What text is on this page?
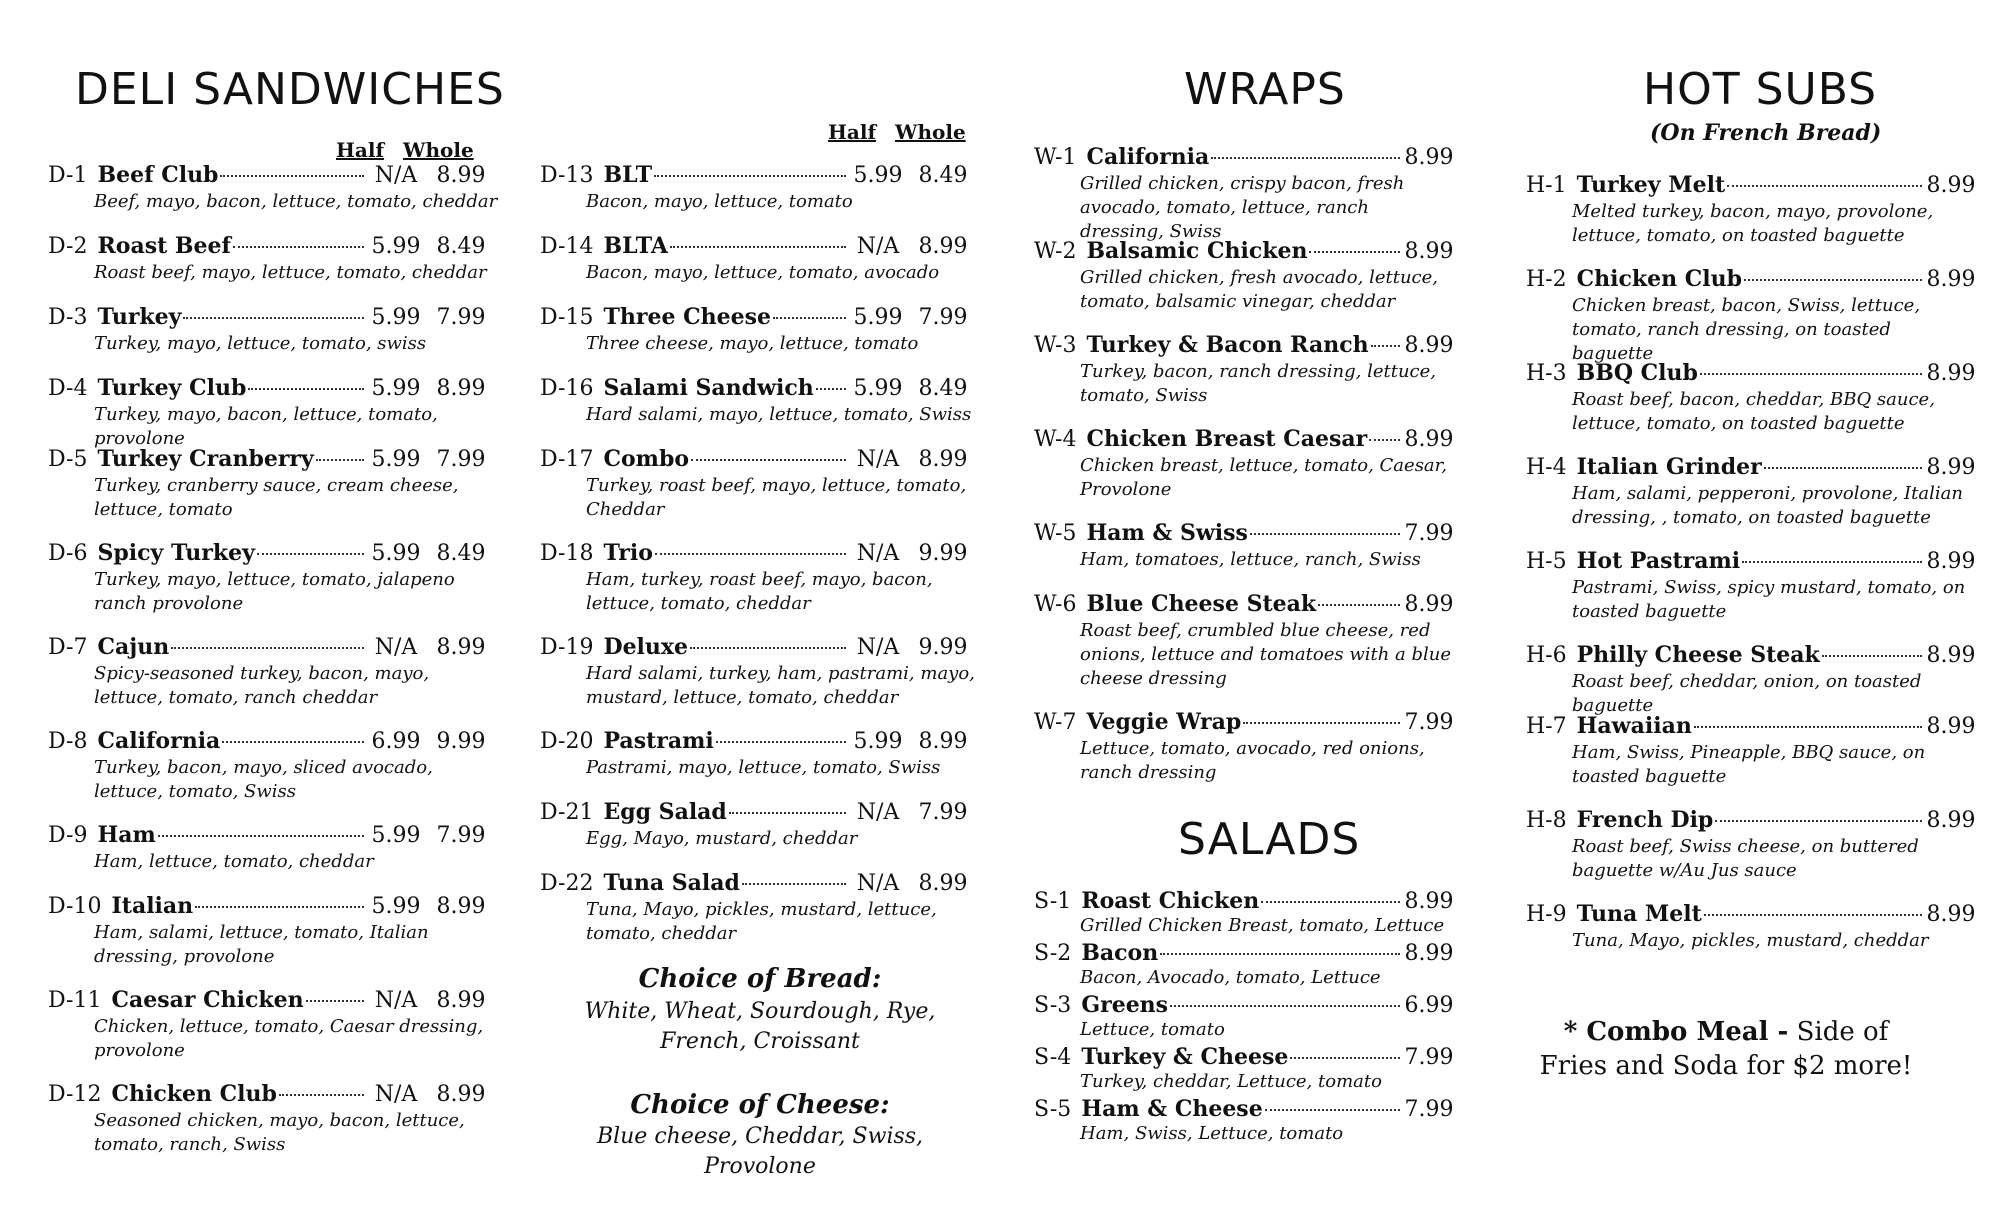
DELI SANDWICHES
Half Whole
D-1 Beef Club	N/A 8.99
Beef, mayo, bacon, lettuce, tomato, cheddar
D-2 Roast Beef	5.99 8.49
Roast beef, mayo, lettuce, tomato, cheddar
D-3 Turkey	5.99 7.99
Turkey, mayo, lettuce, tomato, swiss
D-4 Turkey Club	5.99 8.99
Turkey, mayo, bacon, lettuce, tomato, provolone
D-5 Turkey Cranberry	5.99 7.99
Turkey, cranberry sauce, cream cheese, lettuce, tomato
D-6 Spicy Turkey	5.99 8.49
Turkey, mayo, lettuce, tomato, jalapeno ranch provolone
D-7 Cajun	N/A 8.99
Spicy-seasoned turkey, bacon, mayo, lettuce, tomato, ranch cheddar
D-8 California	6.99 9.99
Turkey, bacon, mayo, sliced avocado, lettuce, tomato, Swiss
D-9 Ham	5.99 7.99
Ham, lettuce, tomato, cheddar
D-10 Italian	5.99 8.99
Ham, salami, lettuce, tomato, Italian dressing, provolone
D-11 Caesar Chicken	N/A 8.99
Chicken, lettuce, tomato, Caesar dressing, provolone
D-12 Chicken Club	N/A 8.99
Seasoned chicken, mayo, bacon, lettuce, tomato, ranch, Swiss
Half Whole
D-13 BLT	5.99 8.49
Bacon, mayo, lettuce, tomato
D-14 BLTA	N/A 8.99
Bacon, mayo, lettuce, tomato, avocado
D-15 Three Cheese	5.99 7.99
Three cheese, mayo, lettuce, tomato
D-16 Salami Sandwich 5.99 8.49
Hard salami, mayo, lettuce, tomato, Swiss
D-17 Combo	N/A 8.99
Turkey, roast beef, mayo, lettuce, tomato, Cheddar
D-18 Trio	N/A 9.99
Ham, turkey, roast beef, mayo, bacon, lettuce, tomato, cheddar
D-19 Deluxe	N/A 9.99
Hard salami, turkey, ham, pastrami, mayo, mustard, lettuce, tomato, cheddar
D-20 Pastrami	5.99 8.99
Pastrami, mayo, lettuce, tomato, Swiss
D-21 Egg Salad	N/A 7.99
Egg, Mayo, mustard, cheddar
D-22 Tuna Salad	N/A 8.99
Tuna, Mayo, pickles, mustard, lettuce, tomato, cheddar
Choice of Bread:
White, Wheat, Sourdough, Rye, French, Croissant
Choice of Cheese:
Blue cheese, Cheddar, Swiss, Provolone
WRAPS
W-1 California	8.99
Grilled chicken, crispy bacon, fresh avocado, tomato, lettuce, ranch dressing, Swiss
W-2 Balsamic Chicken	8.99
Grilled chicken, fresh avocado, lettuce, tomato, balsamic vinegar, cheddar
W-3 Turkey & Bacon Ranch 8.99
Turkey, bacon, ranch dressing, lettuce, tomato, Swiss
W-4 Chicken Breast Caesar 8.99
Chicken breast, lettuce, tomato, Caesar, Provolone
W-5 Ham & Swiss	7.99
Ham, tomatoes, lettuce, ranch, Swiss
W-6 Blue Cheese Steak	8.99
Roast beef, crumbled blue cheese, red onions, lettuce and tomatoes with a blue cheese dressing
W-7 Veggie Wrap	7.99
Lettuce, tomato, avocado, red onions, ranch dressing
SALADS
S-1 Roast Chicken	8.99
Grilled Chicken Breast, tomato, Lettuce
S-2 Bacon	8.99
Bacon, Avocado, tomato, Lettuce
S-3 Greens	6.99
Lettuce, tomato
S-4 Turkey & Cheese	7.99
Turkey, cheddar, Lettuce, tomato
S-5 Ham & Cheese	7.99
Ham, Swiss, Lettuce, tomato
HOT SUBS
(On French Bread)
H-1 Turkey Melt	8.99
Melted turkey, bacon, mayo, provolone, lettuce, tomato, on toasted baguette
H-2 Chicken Club	8.99
Chicken breast, bacon, Swiss, lettuce, tomato, ranch dressing, on toasted baguette
H-3 BBQ Club	8.99
Roast beef, bacon, cheddar, BBQ sauce, lettuce, tomato, on toasted baguette
H-4 Italian Grinder	8.99
Ham, salami, pepperoni, provolone, Italian dressing, , tomato, on toasted baguette
H-5 Hot Pastrami	8.99
Pastrami, Swiss, spicy mustard, tomato, on toasted baguette
H-6 Philly Cheese Steak	8.99
Roast beef, cheddar, onion, on toasted baguette
H-7 Hawaiian	8.99
Ham, Swiss, Pineapple, BBQ sauce, on toasted baguette
H-8 French Dip	8.99
Roast beef, Swiss cheese, on buttered baguette w/Au Jus sauce
H-9 Tuna Melt	8.99
Tuna, Mayo, pickles, mustard, cheddar
* Combo Meal - Side of Fries and Soda for $2 more!
